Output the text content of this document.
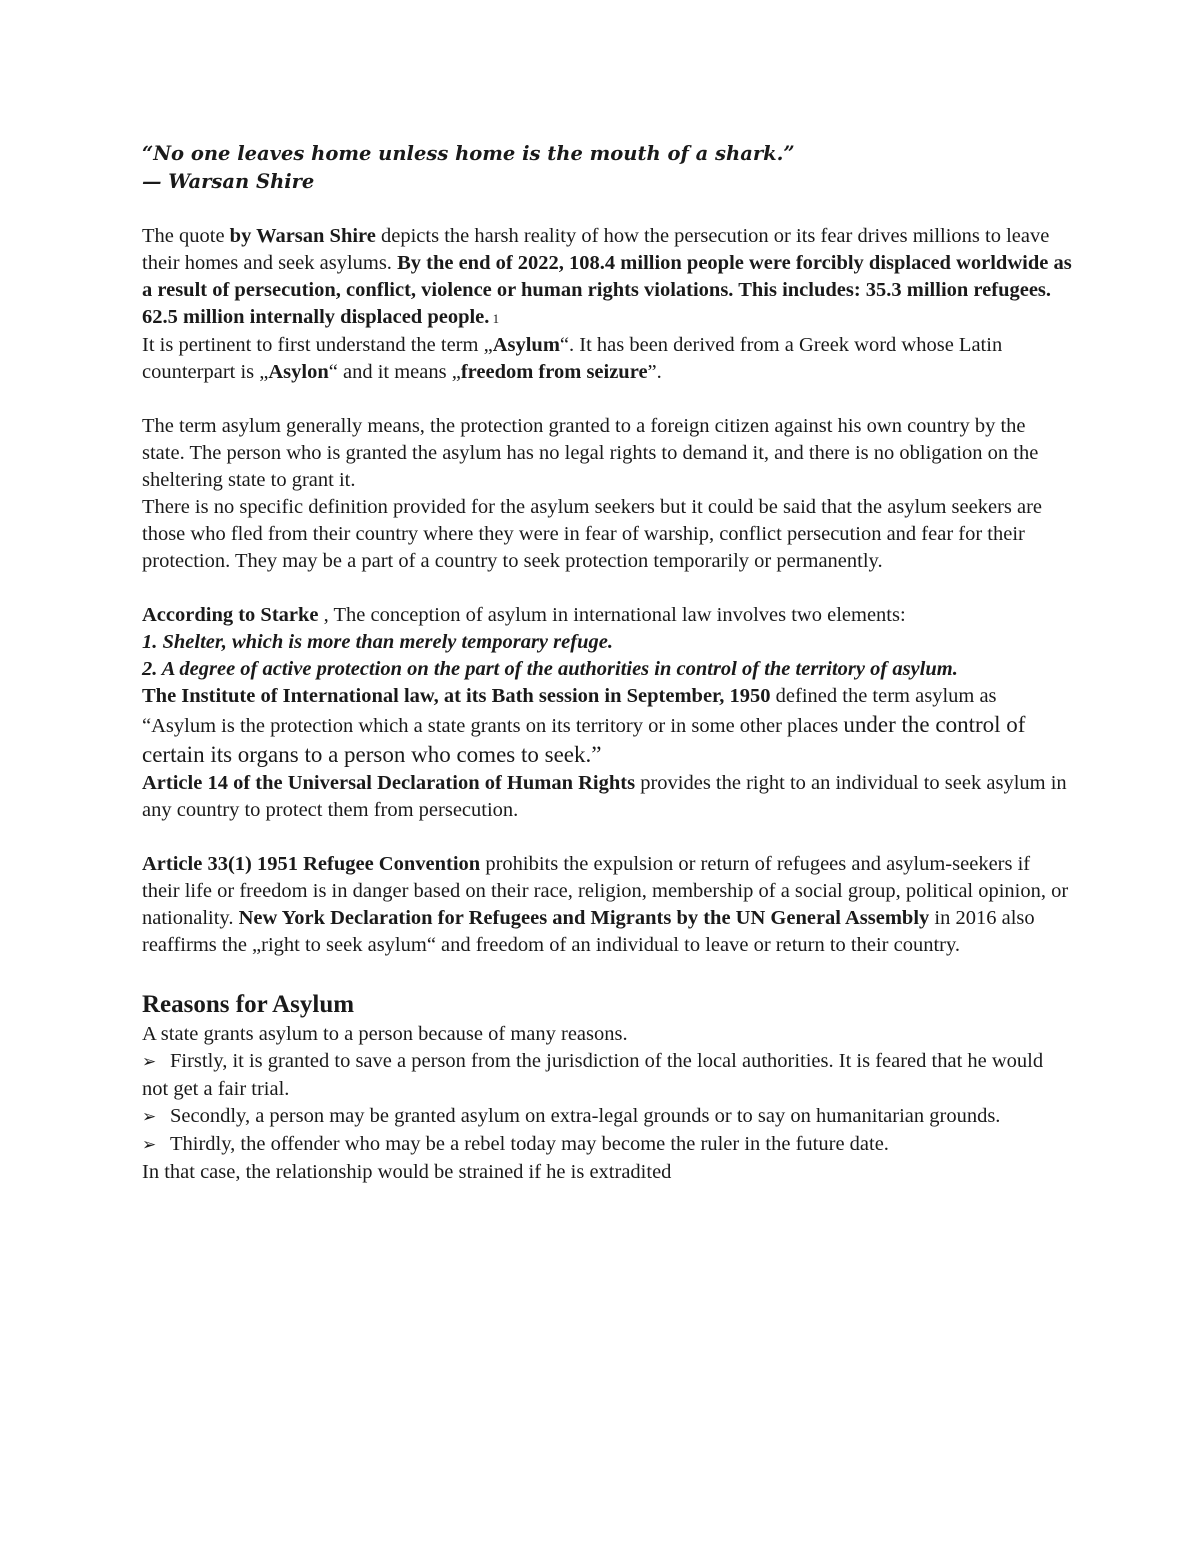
“No one leaves home unless home is the mouth of a shark.”

— Warsan Shire

The quote by Warsan Shire depicts the harsh reality of how the persecution or its fear drives millions to leave their homes and seek asylums. By the end of 2022, 108.4 million people were forcibly displaced worldwide as a result of persecution, conflict, violence or human rights violations. This includes: 35.3 million refugees. 62.5 million internally displaced people. 1
It is pertinent to first understand the term „Asylum“. It has been derived from a Greek word whose Latin counterpart is „Asylon“ and it means „freedom from seizure”.

The term asylum generally means, the protection granted to a foreign citizen against his own country by the state. The person who is granted the asylum has no legal rights to demand it, and there is no obligation on the sheltering state to grant it.

There is no specific definition provided for the asylum seekers but it could be said that the asylum seekers are those who fled from their country where they were in fear of warship, conflict persecution and fear for their protection. They may be a part of a country to seek protection temporarily or permanently.

According to Starke , The conception of asylum in international law involves two elements:

1. Shelter, which is more than merely temporary refuge.

2. A degree of active protection on the part of the authorities in control of the territory of asylum.

The Institute of International law, at its Bath session in September, 1950 defined the term asylum as “Asylum is the protection which a state grants on its territory or in some other places under the control of certain its organs to a person who comes to seek.”

Article 14 of the Universal Declaration of Human Rights provides the right to an individual to seek asylum in any country to protect them from persecution.

Article 33(1) 1951 Refugee Convention prohibits the expulsion or return of refugees and asylum-seekers if their life or freedom is in danger based on their race, religion, membership of a social group, political opinion, or nationality. New York Declaration for Refugees and Migrants by the UN General Assembly in 2016 also reaffirms the „right to seek asylum“ and freedom of an individual to leave or return to their country.

Reasons for Asylum

A state grants asylum to a person because of many reasons.

➢ Firstly, it is granted to save a person from the jurisdiction of the local authorities. It is feared that he would not get a fair trial.

➢ Secondly, a person may be granted asylum on extra-legal grounds or to say on humanitarian grounds.

➢ Thirdly, the offender who may be a rebel today may become the ruler in the future date.

In that case, the relationship would be strained if he is extradited
